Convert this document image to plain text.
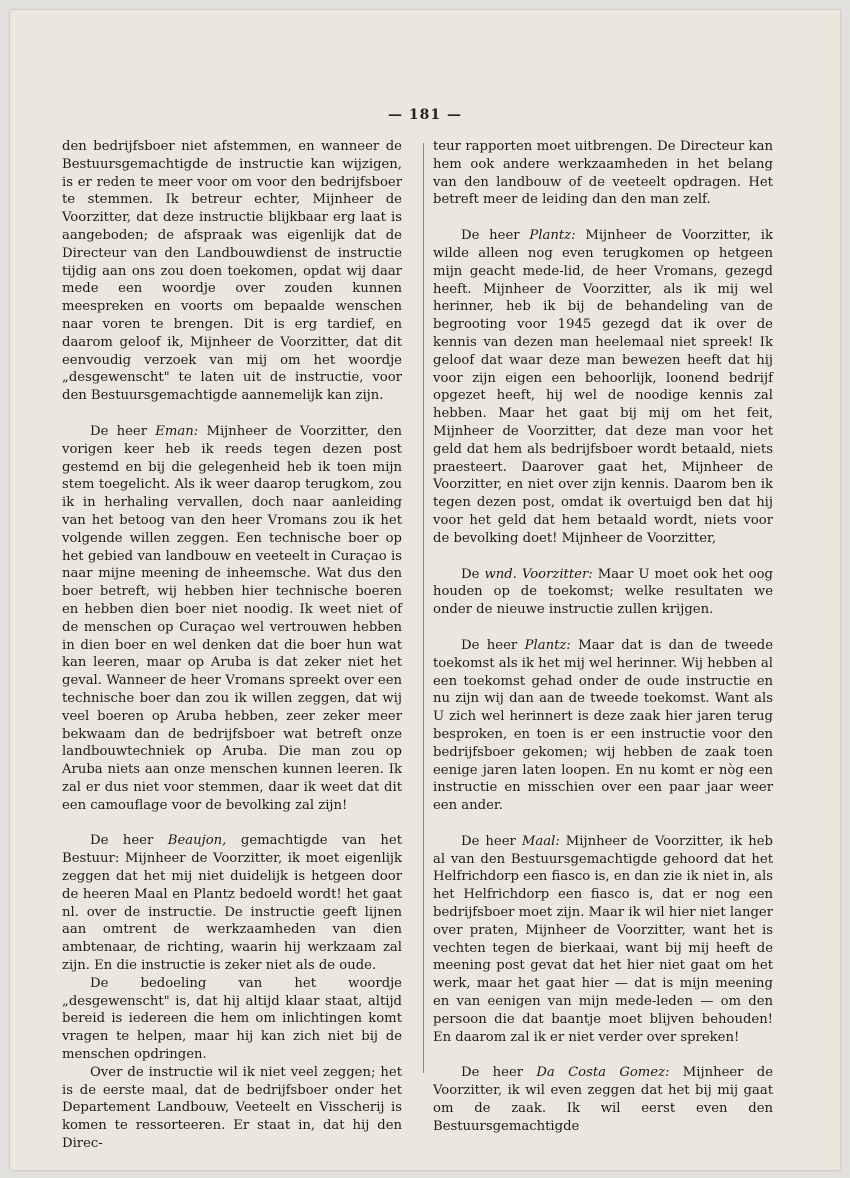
— 181 —

den bedrijfsboer niet afstemmen, en wanneer de Bestuursgemachtigde de instructie kan wijzigen, is er reden te meer voor om voor den bedrijfsboer te stemmen. Ik betreur echter, Mijnheer de Voorzitter, dat deze instructie blijkbaar erg laat is aangeboden; de afspraak was eigenlijk dat de Directeur van den Landbouwdienst de instructie tijdig aan ons zou doen toekomen, opdat wij daar mede een woordje over zouden kunnen meespreken en voorts om bepaalde wenschen naar voren te brengen. Dit is erg tardief, en daarom geloof ik, Mijnheer de Voorzitter, dat dit eenvoudig verzoek van mij om het woordje „desgewenscht" te laten uit de instructie, voor den Bestuursgemachtigde aannemelijk kan zijn.

De heer Eman: Mijnheer de Voorzitter, den vorigen keer heb ik reeds tegen dezen post gestemd en bij die gelegenheid heb ik toen mijn stem toegelicht. Als ik weer daarop terugkom, zou ik in herhaling vervallen, doch naar aanleiding van het betoog van den heer Vromans zou ik het volgende willen zeggen. Een technische boer op het gebied van landbouw en veeteelt in Curaçao is naar mijne meening de inheemsche. Wat dus den boer betreft, wij hebben hier technische boeren en hebben dien boer niet noodig. Ik weet niet of de menschen op Curaçao wel vertrouwen hebben in dien boer en wel denken dat die boer hun wat kan leeren, maar op Aruba is dat zeker niet het geval. Wanneer de heer Vromans spreekt over een technische boer dan zou ik willen zeggen, dat wij veel boeren op Aruba hebben, zeer zeker meer bekwaam dan de bedrijfsboer wat betreft onze landbouwtechniek op Aruba. Die man zou op Aruba niets aan onze menschen kunnen leeren. Ik zal er dus niet voor stemmen, daar ik weet dat dit een camouflage voor de bevolking zal zijn!

De heer Beaujon, gemachtigde van het Bestuur: Mijnheer de Voorzitter, ik moet eigenlijk zeggen dat het mij niet duidelijk is hetgeen door de heeren Maal en Plantz bedoeld wordt! het gaat nl. over de instructie. De instructie geeft lijnen aan omtrent de werkzaamheden van dien ambtenaar, de richting, waarin hij werkzaam zal zijn. En die instructie is zeker niet als de oude.

De bedoeling van het woordje „desgewenscht" is, dat hij altijd klaar staat, altijd bereid is iedereen die hem om inlichtingen komt vragen te helpen, maar hij kan zich niet bij de menschen opdringen.

Over de instructie wil ik niet veel zeggen; het is de eerste maal, dat de bedrijfsboer onder het Departement Landbouw, Veeteelt en Visscherij is komen te ressorteeren. Er staat in, dat hij den Direc-

teur rapporten moet uitbrengen. De Directeur kan hem ook andere werkzaamheden in het belang van den landbouw of de veeteelt opdragen. Het betreft meer de leiding dan den man zelf.

De heer Plantz: Mijnheer de Voorzitter, ik wilde alleen nog even terugkomen op hetgeen mijn geacht mede-lid, de heer Vromans, gezegd heeft. Mijnheer de Voorzitter, als ik mij wel herinner, heb ik bij de behandeling van de begrooting voor 1945 gezegd dat ik over de kennis van dezen man heelemaal niet spreek! Ik geloof dat waar deze man bewezen heeft dat hij voor zijn eigen een behoorlijk, loonend bedrijf opgezet heeft, hij wel de noodige kennis zal hebben. Maar het gaat bij mij om het feit, Mijnheer de Voorzitter, dat deze man voor het geld dat hem als bedrijfsboer wordt betaald, niets praesteert. Daarover gaat het, Mijnheer de Voorzitter, en niet over zijn kennis. Daarom ben ik tegen dezen post, omdat ik overtuigd ben dat hij voor het geld dat hem betaald wordt, niets voor de bevolking doet! Mijnheer de Voorzitter,

De wnd. Voorzitter: Maar U moet ook het oog houden op de toekomst; welke resultaten we onder de nieuwe instructie zullen krijgen.

De heer Plantz: Maar dat is dan de tweede toekomst als ik het mij wel herinner. Wij hebben al een toekomst gehad onder de oude instructie en nu zijn wij dan aan de tweede toekomst. Want als U zich wel herinnert is deze zaak hier jaren terug besproken, en toen is er een instructie voor den bedrijfsboer gekomen; wij hebben de zaak toen eenige jaren laten loopen. En nu komt er nòg een instructie en misschien over een paar jaar weer een ander.

De heer Maal: Mijnheer de Voorzitter, ik heb al van den Bestuursgemachtigde gehoord dat het Helfrichdorp een fiasco is, en dan zie ik niet in, als het Helfrichdorp een fiasco is, dat er nog een bedrijfsboer moet zijn. Maar ik wil hier niet langer over praten, Mijnheer de Voorzitter, want het is vechten tegen de bierkaai, want bij mij heeft de meening post gevat dat het hier niet gaat om het werk, maar het gaat hier — dat is mijn meening en van eenigen van mijn mede-leden — om den persoon die dat baantje moet blijven behouden! En daarom zal ik er niet verder over spreken!

De heer Da Costa Gomez: Mijnheer de Voorzitter, ik wil even zeggen dat het bij mij gaat om de zaak. Ik wil eerst even den Bestuursgemachtigde
